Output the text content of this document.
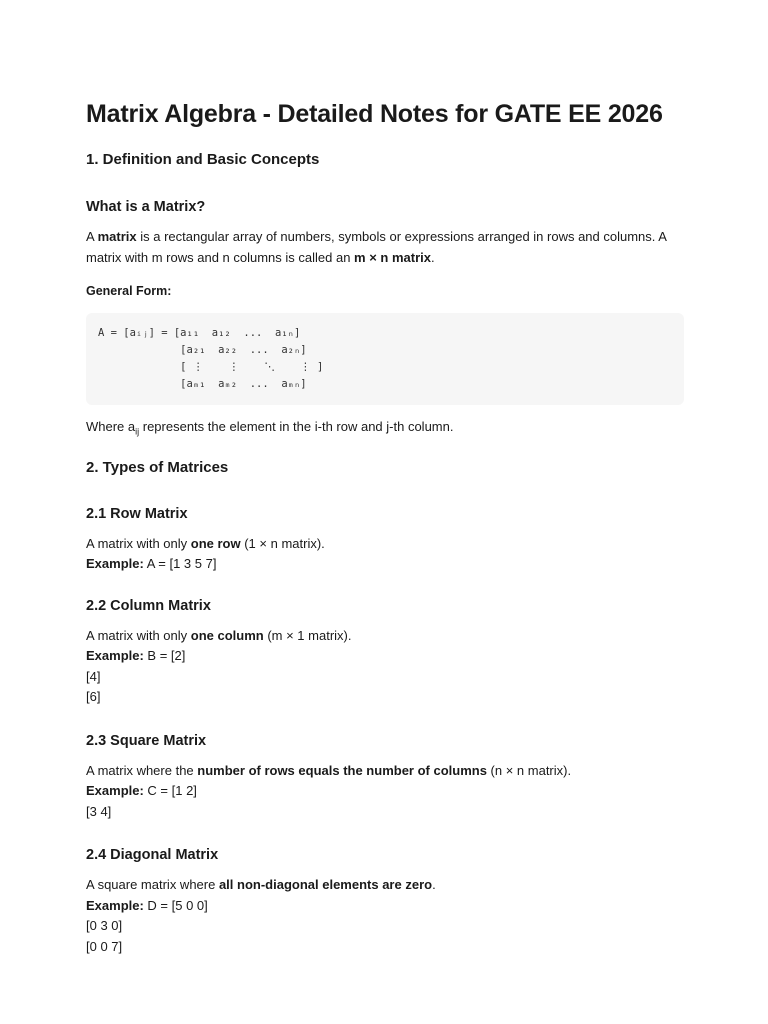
Matrix Algebra - Detailed Notes for GATE EE 2026
1. Definition and Basic Concepts
What is a Matrix?

A matrix is a rectangular array of numbers, symbols or expressions arranged in rows and columns. A matrix with m rows and n columns is called an m × n matrix.

General Form:

A = [aᵢⱼ] = [a₁₁  a₁₂  ...  a₁ₙ]
[a₂₁  a₂₂  ...  a₂ₙ]
[ ⋮    ⋮    ⋱    ⋮ ]
[aₘ₁  aₘ₂  ...  aₘₙ]

Where $a_{ij}$ represents the element in the i-th row and j-th column.

2. Types of Matrices
2.1 Row Matrix

A matrix with only one row (1 × n matrix).

Example: A = [1 3 5 7]

2.2 Column Matrix

A matrix with only one column (m × 1 matrix).

Example: B = [2]

[4]

[6]

2.3 Square Matrix

A matrix where the number of rows equals the number of columns (n × n matrix).

Example: C = [1 2]

[3 4]

2.4 Diagonal Matrix

A square matrix where all non-diagonal elements are zero.

Example: D = [5 0 0]

[0 3 0]

[0 0 7]
